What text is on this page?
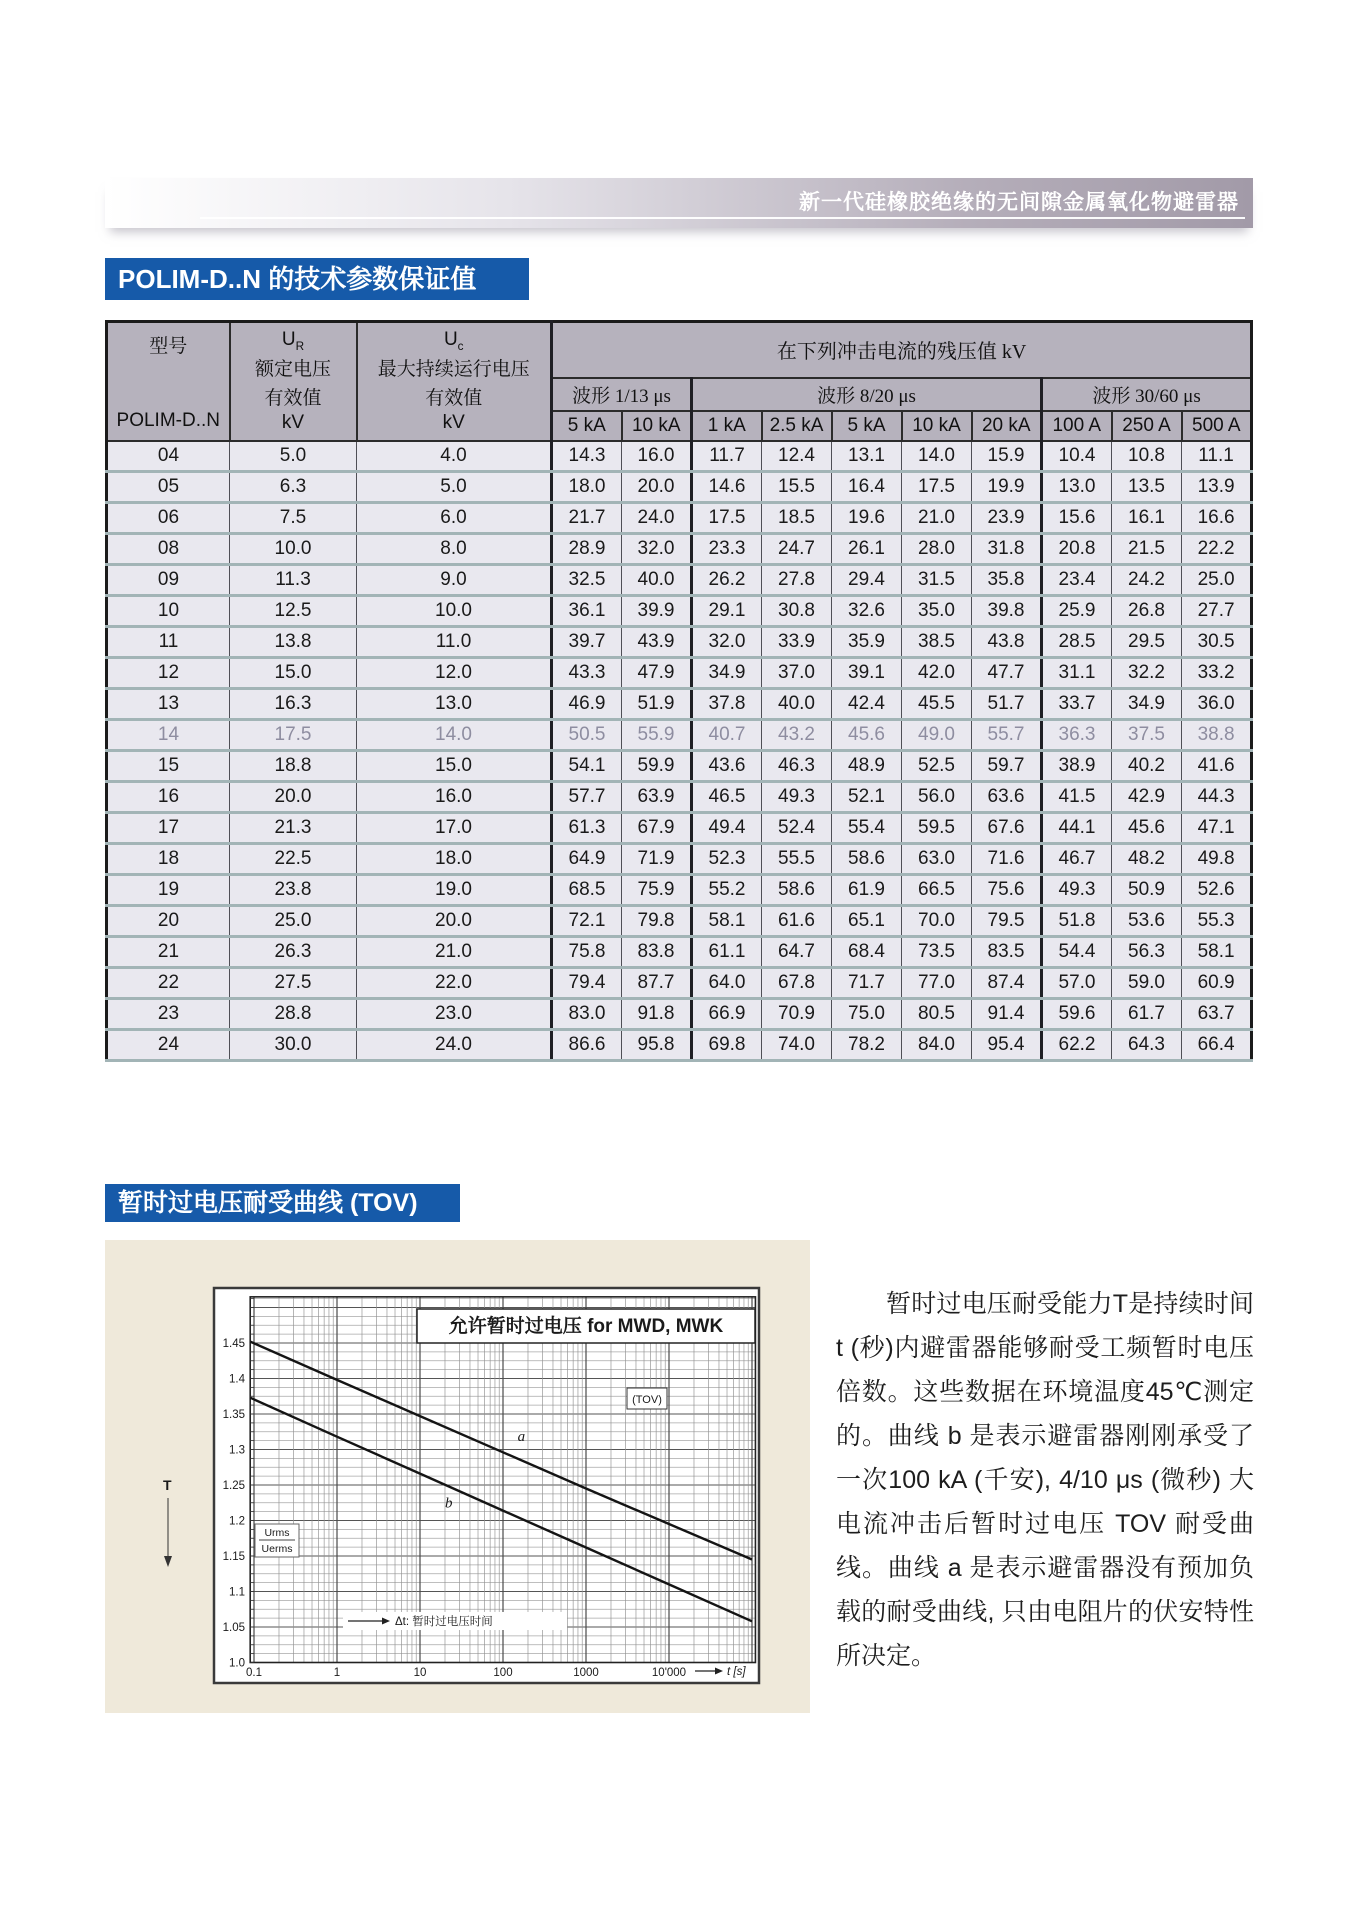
新一代硅橡胶绝缘的无间隙金属氧化物避雷器
POLIM-D..N 的技术参数保证值
型号
POLIM-D..N	$U_R$
额定电压
有效值
kV	$U_c$
最大持续运行电压
有效值
kV	在下列冲击电流的残压值 kV									
			波形 1/13 μs		波形 8/20 μs					波形 30/60 μs		
			5 kA	10 kA	1 kA	2.5 kA	5 kA	10 kA	20 kA	100 A	250 A	500 A
04	5.0	4.0	14.3	16.0	11.7	12.4	13.1	14.0	15.9	10.4	10.8	11.1
05	6.3	5.0	18.0	20.0	14.6	15.5	16.4	17.5	19.9	13.0	13.5	13.9
06	7.5	6.0	21.7	24.0	17.5	18.5	19.6	21.0	23.9	15.6	16.1	16.6
08	10.0	8.0	28.9	32.0	23.3	24.7	26.1	28.0	31.8	20.8	21.5	22.2
09	11.3	9.0	32.5	40.0	26.2	27.8	29.4	31.5	35.8	23.4	24.2	25.0
10	12.5	10.0	36.1	39.9	29.1	30.8	32.6	35.0	39.8	25.9	26.8	27.7
11	13.8	11.0	39.7	43.9	32.0	33.9	35.9	38.5	43.8	28.5	29.5	30.5
12	15.0	12.0	43.3	47.9	34.9	37.0	39.1	42.0	47.7	31.1	32.2	33.2
13	16.3	13.0	46.9	51.9	37.8	40.0	42.4	45.5	51.7	33.7	34.9	36.0
14	17.5	14.0	50.5	55.9	40.7	43.2	45.6	49.0	55.7	36.3	37.5	38.8
15	18.8	15.0	54.1	59.9	43.6	46.3	48.9	52.5	59.7	38.9	40.2	41.6
16	20.0	16.0	57.7	63.9	46.5	49.3	52.1	56.0	63.6	41.5	42.9	44.3
17	21.3	17.0	61.3	67.9	49.4	52.4	55.4	59.5	67.6	44.1	45.6	47.1
18	22.5	18.0	64.9	71.9	52.3	55.5	58.6	63.0	71.6	46.7	48.2	49.8
19	23.8	19.0	68.5	75.9	55.2	58.6	61.9	66.5	75.6	49.3	50.9	52.6
20	25.0	20.0	72.1	79.8	58.1	61.6	65.1	70.0	79.5	51.8	53.6	55.3
21	26.3	21.0	75.8	83.8	61.1	64.7	68.4	73.5	83.5	54.4	56.3	58.1
22	27.5	22.0	79.4	87.7	64.0	67.8	71.7	77.0	87.4	57.0	59.0	60.9
23	28.8	23.0	83.0	91.8	66.9	70.9	75.0	80.5	91.4	59.6	61.7	63.7
24	30.0	24.0	86.6	95.8	69.8	74.0	78.2	84.0	95.4	62.2	64.3	66.4
暂时过电压耐受曲线 (TOV)
允许暂时过电压 for MWD, MWK
(TOV)
a
b
Urms
Uerms
Δt: 暂时过电压时间
0.1	1	10	100	1000	10'000	t [s]
1.45
1.4
1.35
1.3
1.25
1.2
1.15
1.1
1.05
1.0
T
暂时过电压耐受能力T是持续时间t (秒)内避雷器能够耐受工频暂时电压倍数。这些数据在环境温度45℃测定的。曲线 b 是表示避雷器刚刚承受了一次100 kA (千安), 4/10 μs (微秒) 大电流冲击后暂时过电压 TOV 耐受曲线。曲线 a 是表示避雷器没有预加负载的耐受曲线, 只由电阻片的伏安特性所决定。
